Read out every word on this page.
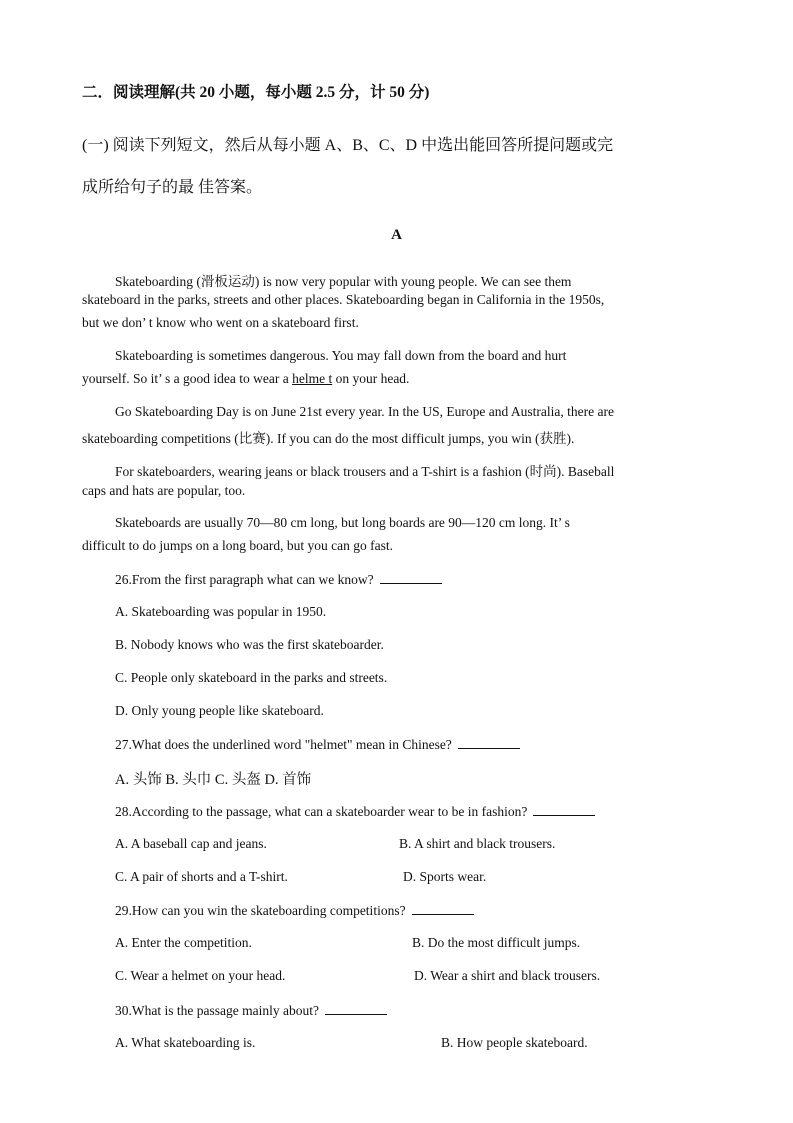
二．阅读理解(共 20 小题，每小题 2.5 分，计 50 分)
(一) 阅读下列短文，然后从每小题 A、B、C、D 中选出能回答所提问题或完
成所给句子的最 佳答案。
A
Skateboarding (滑板运动) is now very popular with young people. We can see them
skateboard in the parks, streets and other places. Skateboarding began in California in the 1950s,
but we don’ t know who went on a skateboard first.
Skateboarding is sometimes dangerous. You may fall down from the board and hurt
yourself. So it’ s a good idea to wear a helme t on your head.
Go Skateboarding Day is on June 21st every year. In the US, Europe and Australia, there are
skateboarding competitions (比赛). If you can do the most difficult jumps, you win (获胜).
For skateboarders, wearing jeans or black trousers and a T-shirt is a fashion (时尚). Baseball
caps and hats are popular, too.
Skateboards are usually 70—80 cm long, but long boards are 90—120 cm long. It’ s
difficult to do jumps on a long board, but you can go fast.
26.From the first paragraph what can we know?
A. Skateboarding was popular in 1950.
B. Nobody knows who was the first skateboarder.
C. People only skateboard in the parks and streets.
D. Only young people like skateboard.
27.What does the underlined word "helmet" mean in Chinese?
A. 头饰 B. 头巾 C. 头盔 D. 首饰
28.According to the passage, what can a skateboarder wear to be in fashion?
A. A baseball cap and jeans.	B. A shirt and black trousers.
C. A pair of shorts and a T-shirt.	D. Sports wear.
29.How can you win the skateboarding competitions?
A. Enter the competition.	B. Do the most difficult jumps.
C. Wear a helmet on your head.	D. Wear a shirt and black trousers.
30.What is the passage mainly about?
A. What skateboarding is.	B. How people skateboard.
